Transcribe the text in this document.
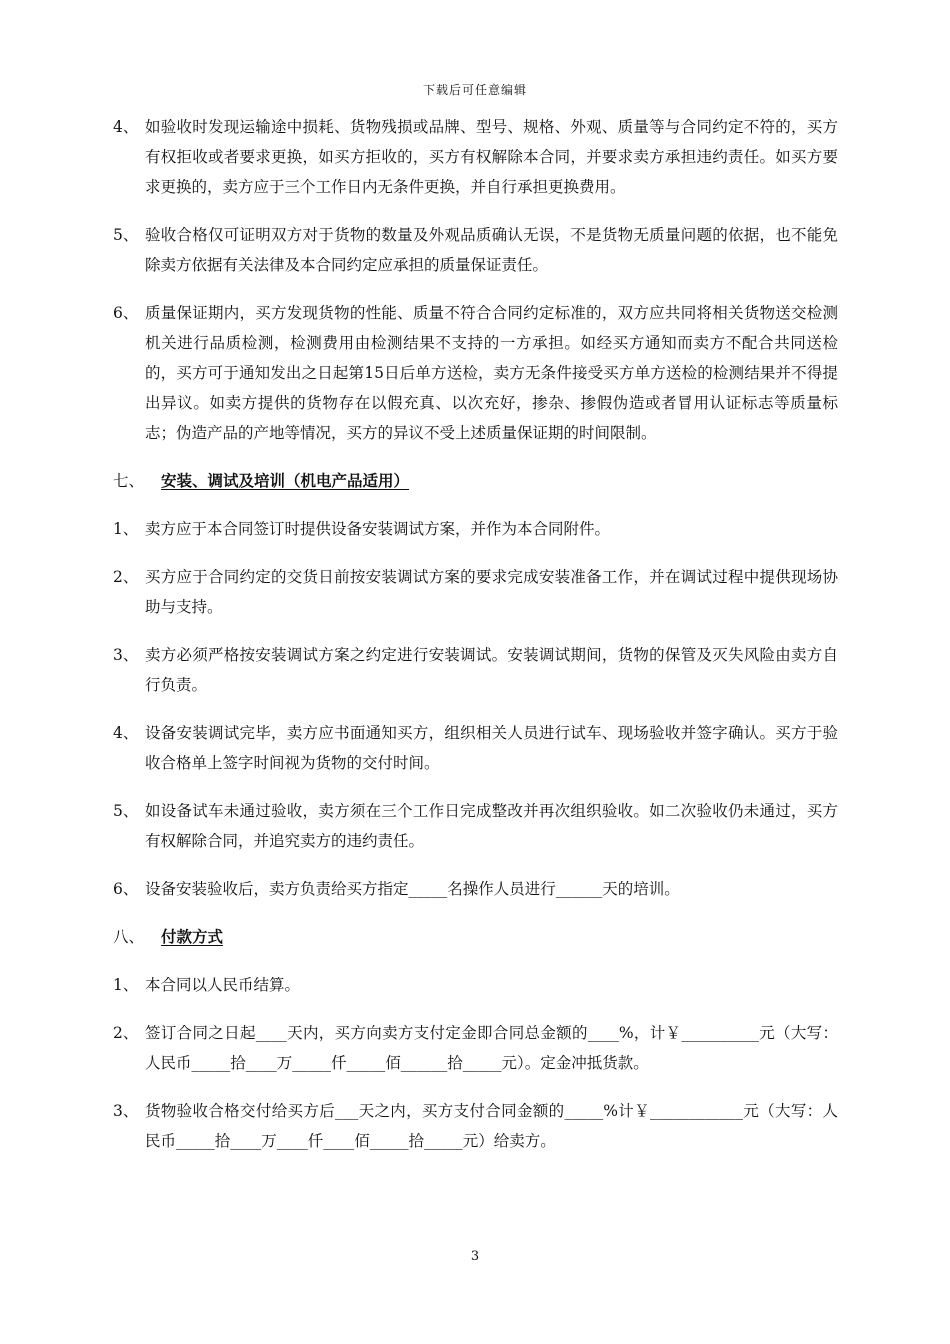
下载后可任意编辑
4、 如验收时发现运输途中损耗、货物残损或品牌、型号、规格、外观、质量等与合同约定不符的，买方有权拒收或者要求更换，如买方拒收的，买方有权解除本合同，并要求卖方承担违约责任。如买方要求更换的，卖方应于三个工作日内无条件更换，并自行承担更换费用。
5、 验收合格仅可证明双方对于货物的数量及外观品质确认无误，不是货物无质量问题的依据，也不能免除卖方依据有关法律及本合同约定应承担的质量保证责任。
6、 质量保证期内，买方发现货物的性能、质量不符合合同约定标准的，双方应共同将相关货物送交检测机关进行品质检测，检测费用由检测结果不支持的一方承担。如经买方通知而卖方不配合共同送检的，买方可于通知发出之日起第15日后单方送检，卖方无条件接受买方单方送检的检测结果并不得提出异议。如卖方提供的货物存在以假充真、以次充好，掺杂、掺假伪造或者冒用认证标志等质量标志；伪造产品的产地等情况，买方的异议不受上述质量保证期的时间限制。
七、	安装、调试及培训（机电产品适用）
1、 卖方应于本合同签订时提供设备安装调试方案，并作为本合同附件。
2、 买方应于合同约定的交货日前按安装调试方案的要求完成安装准备工作，并在调试过程中提供现场协助与支持。
3、 卖方必须严格按安装调试方案之约定进行安装调试。安装调试期间，货物的保管及灭失风险由卖方自行负责。
4、 设备安装调试完毕，卖方应书面通知买方，组织相关人员进行试车、现场验收并签字确认。买方于验收合格单上签字时间视为货物的交付时间。
5、 如设备试车未通过验收，卖方须在三个工作日完成整改并再次组织验收。如二次验收仍未通过，买方有权解除合同，并追究卖方的违约责任。
6、 设备安装验收后，卖方负责给买方指定_____名操作人员进行______天的培训。
八、	付款方式
1、 本合同以人民币结算。
2、 签订合同之日起____天内，买方向卖方支付定金即合同总金额的____%，计￥__________元（大写：人民币_____拾____万_____仟_____佰______拾_____元）。定金冲抵货款。
3、 货物验收合格交付给买方后___天之内，买方支付合同金额的_____%计￥____________元（大写：人民币_____拾____万____仟____佰_____拾_____元）给卖方。
3
